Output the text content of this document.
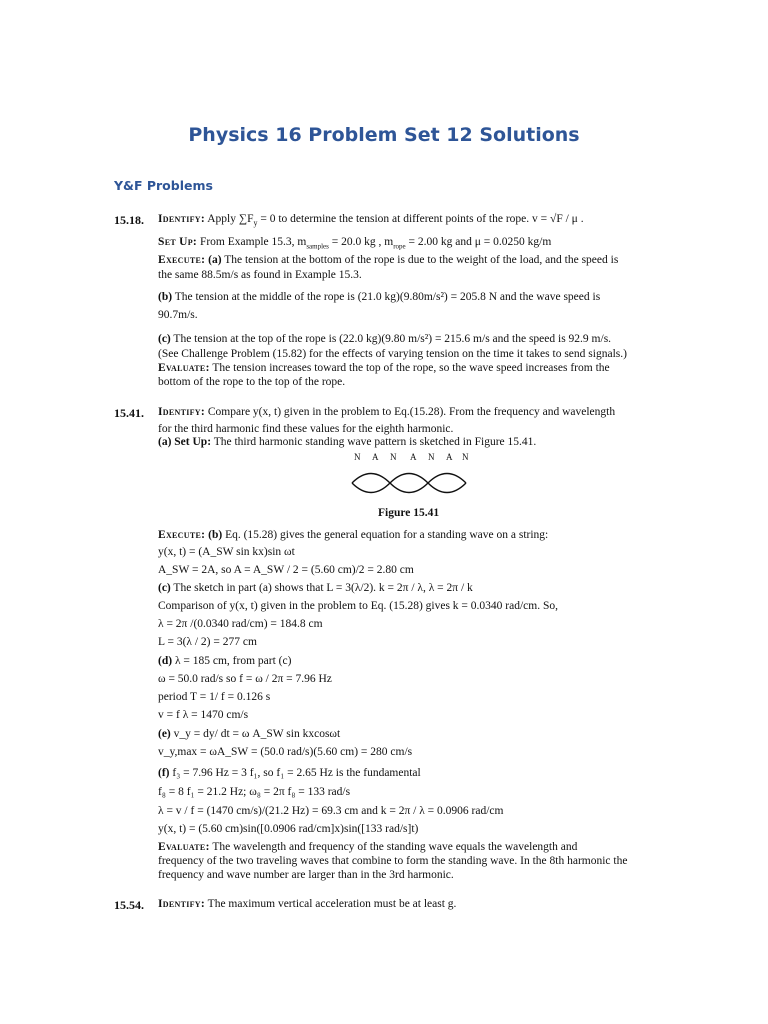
Physics 16 Problem Set 12 Solutions
Y&F Problems
15.18. Identify: Apply $\sum F_y = 0$ to determine the tension at different points of the rope. v = √F / μ .
Set Up: From Example 15.3, $m_{samples} = 20.0$ kg , $m_{rope} = 2.00$ kg and μ = 0.0250 kg/m
Execute: (a) The tension at the bottom of the rope is due to the weight of the load, and the speed is
the same 88.5m/s as found in Example 15.3.
(b) The tension at the middle of the rope is (21.0 kg)(9.80m/s²) = 205.8 N and the wave speed is
90.7m/s.
(c) The tension at the top of the rope is (22.0 kg)(9.80 m/s²) = 215.6 m/s and the speed is 92.9 m/s.
(See Challenge Problem (15.82) for the effects of varying tension on the time it takes to send signals.)
Evaluate: The tension increases toward the top of the rope, so the wave speed increases from the
bottom of the rope to the top of the rope.
15.41. Identify: Compare y(x, t) given in the problem to Eq.(15.28). From the frequency and wavelength
for the third harmonic find these values for the eighth harmonic.
(a) Set Up: The third harmonic standing wave pattern is sketched in Figure 15.41.
N A N A N A N
Figure 15.41
Execute: (b) Eq. (15.28) gives the general equation for a standing wave on a string:
y(x, t) = (A_SW sin kx)sin ωt
A_SW = 2A, so A = A_SW / 2 = (5.60 cm)/2 = 2.80 cm
(c) The sketch in part (a) shows that L = 3(λ/2). k = 2π / λ, λ = 2π / k
Comparison of y(x, t) given in the problem to Eq. (15.28) gives k = 0.0340 rad/cm. So,
λ = 2π /(0.0340 rad/cm) = 184.8 cm
L = 3(λ / 2) = 277 cm
(d) λ = 185 cm, from part (c)
ω = 50.0 rad/s so f = ω / 2π = 7.96 Hz
period T = 1/ f = 0.126 s
v = f λ = 1470 cm/s
(e) v_y = dy/ dt = ω A_SW sin kxcosωt
v_y,max = ωA_SW = (50.0 rad/s)(5.60 cm) = 280 cm/s
(f) f₃ = 7.96 Hz = 3 f₁, so f₁ = 2.65 Hz is the fundamental
f₈ = 8 f₁ = 21.2 Hz; ω₈ = 2π f₈ = 133 rad/s
λ = v / f = (1470 cm/s)/(21.2 Hz) = 69.3 cm and k = 2π / λ = 0.0906 rad/cm
y(x, t) = (5.60 cm)sin([0.0906 rad/cm]x)sin([133 rad/s]t)
Evaluate: The wavelength and frequency of the standing wave equals the wavelength and
frequency of the two traveling waves that combine to form the standing wave. In the 8th harmonic the
frequency and wave number are larger than in the 3rd harmonic.
15.54. Identify: The maximum vertical acceleration must be at least g.
